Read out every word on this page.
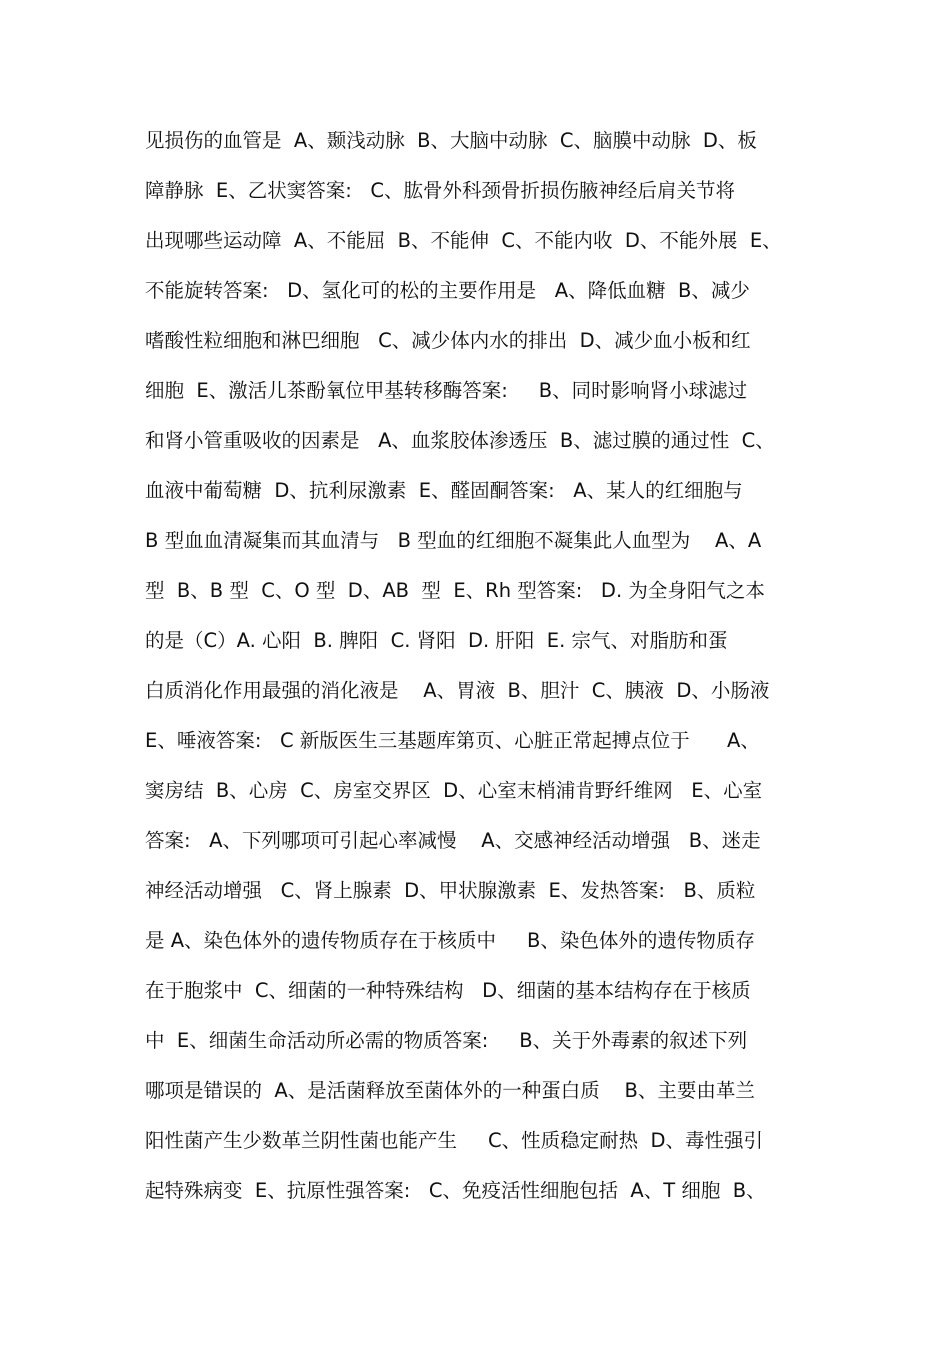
见损伤的血管是  A、颞浅动脉  B、大脑中动脉  C、脑膜中动脉  D、板
障静脉  E、乙状窦答案:   C、肱骨外科颈骨折损伤腋神经后肩关节将
出现哪些运动障  A、不能屈  B、不能伸  C、不能内收  D、不能外展  E、
不能旋转答案:   D、氢化可的松的主要作用是   A、降低血糖  B、减少
嗜酸性粒细胞和淋巴细胞   C、减少体内水的排出  D、减少血小板和红
细胞  E、激活儿茶酚氧位甲基转移酶答案:     B、同时影响肾小球滤过
和肾小管重吸收的因素是   A、血浆胶体渗透压  B、滤过膜的通过性  C、
血液中葡萄糖  D、抗利尿激素  E、醛固酮答案:   A、某人的红细胞与
B 型血血清凝集而其血清与   B 型血的红细胞不凝集此人血型为    A、A
型  B、B 型  C、O 型  D、AB  型  E、Rh 型答案:   D. 为全身阳气之本
的是（C）A. 心阳  B. 脾阳  C. 肾阳  D. 肝阳  E. 宗气、对脂肪和蛋
白质消化作用最强的消化液是    A、胃液  B、胆汁  C、胰液  D、小肠液
E、唾液答案:   C 新版医生三基题库第页、心脏正常起搏点位于      A、
窦房结  B、心房  C、房室交界区  D、心室末梢浦肯野纤维网   E、心室
答案:   A、下列哪项可引起心率减慢    A、交感神经活动增强   B、迷走
神经活动增强   C、肾上腺素  D、甲状腺激素  E、发热答案:   B、质粒
是 A、染色体外的遗传物质存在于核质中     B、染色体外的遗传物质存
在于胞浆中  C、细菌的一种特殊结构   D、细菌的基本结构存在于核质
中  E、细菌生命活动所必需的物质答案:     B、关于外毒素的叙述下列
哪项是错误的  A、是活菌释放至菌体外的一种蛋白质    B、主要由革兰
阳性菌产生少数革兰阴性菌也能产生     C、性质稳定耐热  D、毒性强引
起特殊病变  E、抗原性强答案:   C、免疫活性细胞包括  A、T 细胞  B、
